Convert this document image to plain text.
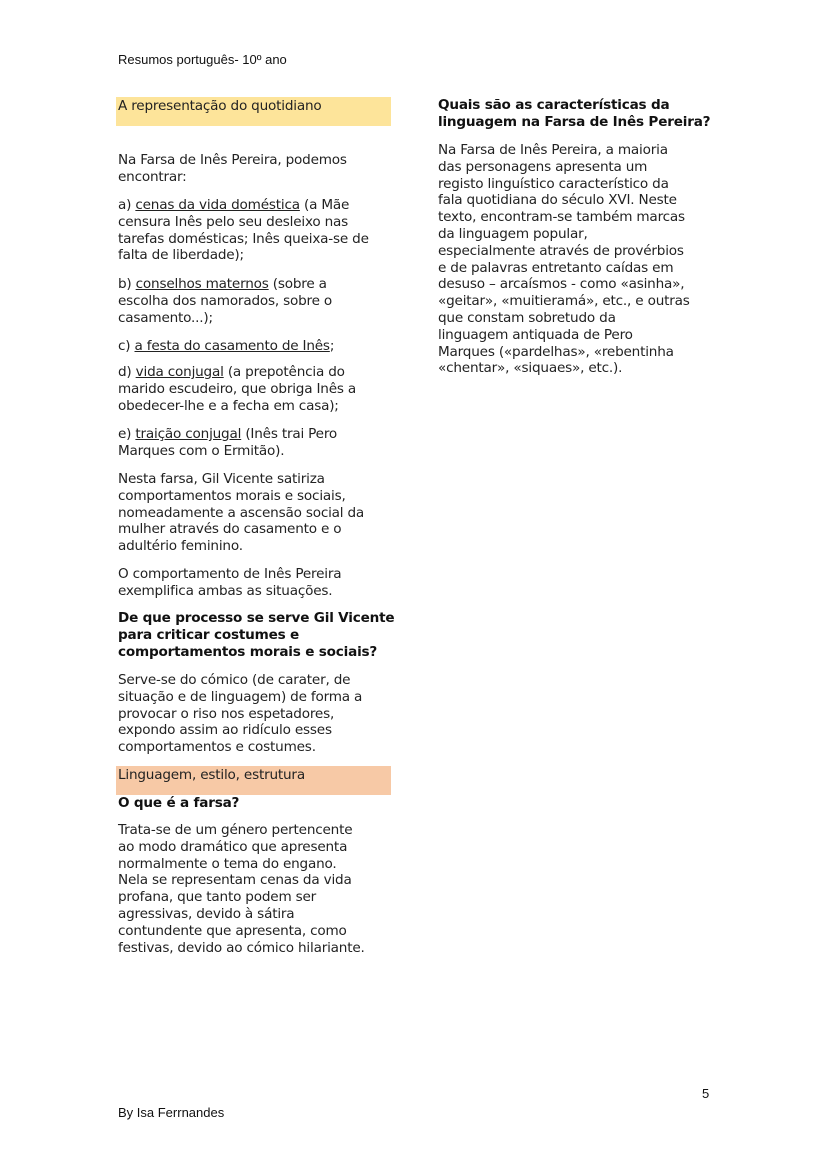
Resumos português- 10º ano
A representação do quotidiano
Na Farsa de Inês Pereira, podemos
encontrar:
a) cenas da vida doméstica (a Mãe
censura Inês pelo seu desleixo nas
tarefas domésticas; Inês queixa-se de
falta de liberdade);
b) conselhos maternos (sobre a
escolha dos namorados, sobre o
casamento...);
c) a festa do casamento de Inês;
d) vida conjugal (a prepotência do
marido escudeiro, que obriga Inês a
obedecer-lhe e a fecha em casa);
e) traição conjugal (Inês trai Pero
Marques com o Ermitão).
Nesta farsa, Gil Vicente satiriza
comportamentos morais e sociais,
nomeadamente a ascensão social da
mulher através do casamento e o
adultério feminino.
O comportamento de Inês Pereira
exemplifica ambas as situações.
De que processo se serve Gil Vicente
para criticar costumes e
comportamentos morais e sociais?
Serve-se do cómico (de carater, de
situação e de linguagem) de forma a
provocar o riso nos espetadores,
expondo assim ao ridículo esses
comportamentos e costumes.
Linguagem, estilo, estrutura
O que é a farsa?
Trata-se de um género pertencente
ao modo dramático que apresenta
normalmente o tema do engano.
Nela se representam cenas da vida
profana, que tanto podem ser
agressivas, devido à sátira
contundente que apresenta, como
festivas, devido ao cómico hilariante.
Quais são as características da
linguagem na Farsa de Inês Pereira?
Na Farsa de Inês Pereira, a maioria
das personagens apresenta um
registo linguístico característico da
fala quotidiana do século XVI. Neste
texto, encontram-se também marcas
da linguagem popular,
especialmente através de provérbios
e de palavras entretanto caídas em
desuso – arcaísmos - como «asinha»,
«geitar», «muitieramá», etc., e outras
que constam sobretudo da
linguagem antiquada de Pero
Marques («pardelhas», «rebentinha
«chentar», «siquaes», etc.).
5
By Isa Ferrnandes
